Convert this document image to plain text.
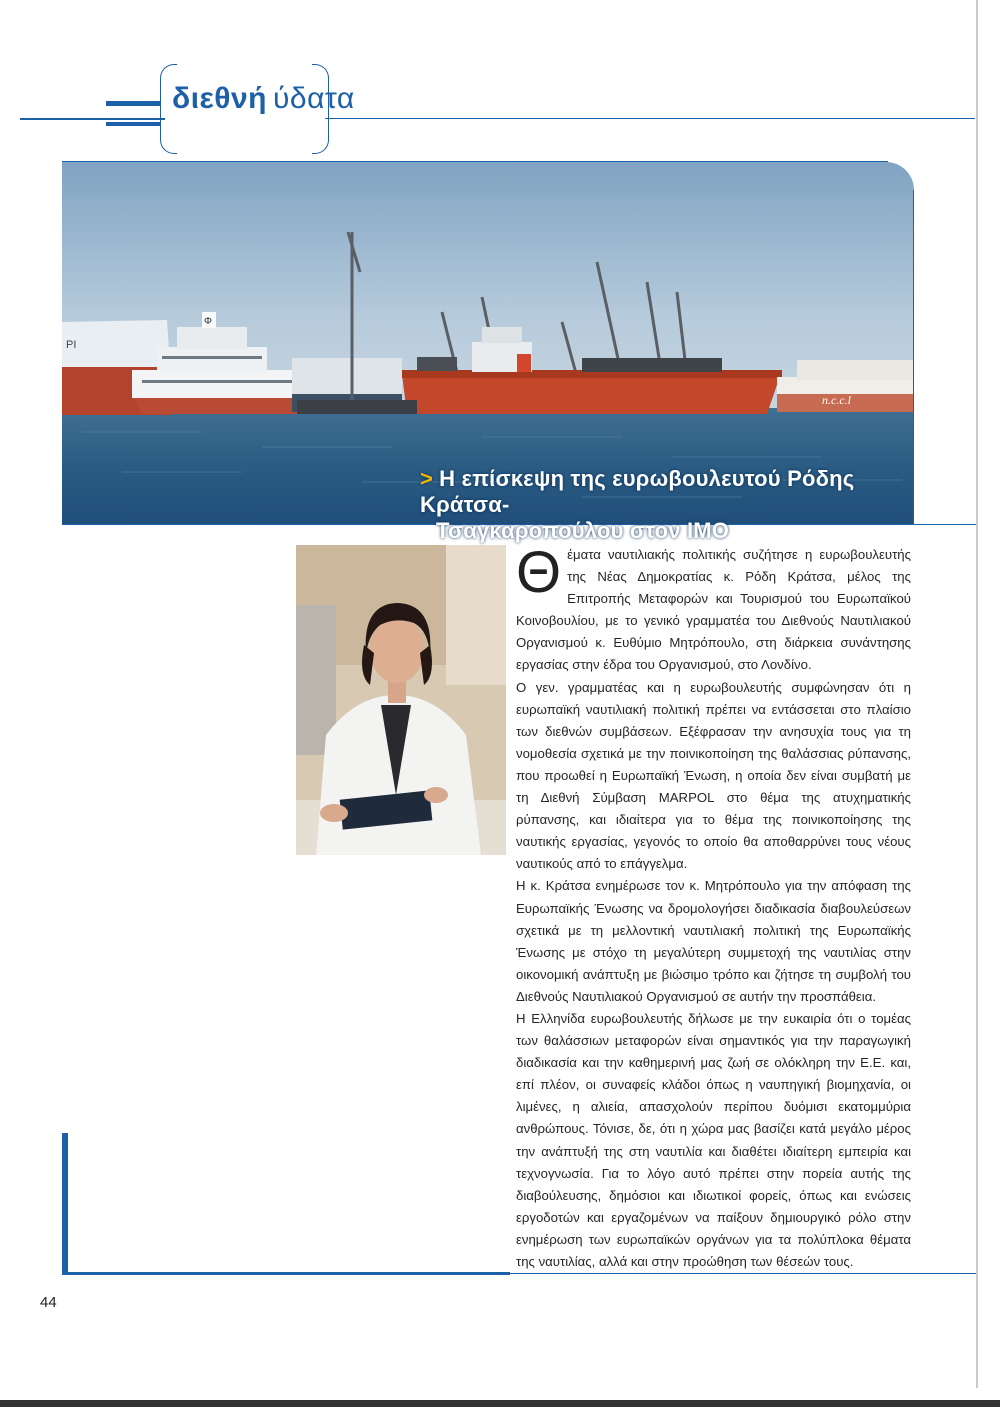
διεθνή ύδατα
ΡΙ
Φ
n.c.c.l
> Η επίσκεψη της ευρωβουλευτού Ρόδης Κράτσα-
Τσαγκαροπούλου στον ΙΜΟ

Θέματα ναυτιλιακής πολιτικής συζήτησε η ευρωβουλευτής της Νέας Δημοκρατίας κ. Ρόδη Κράτσα, μέλος της Επιτροπής Μεταφορών και Τουρισμού του Ευρωπαϊκού Κοινοβουλίου, με το γενικό γραμματέα του Διεθνούς Ναυτιλιακού Οργανισμού κ. Ευθύμιο Μητρόπουλο, στη διάρκεια συνάντησης εργασίας στην έδρα του Οργανισμού, στο Λονδίνο.

Ο γεν. γραμματέας και η ευρωβουλευτής συμφώνησαν ότι η ευρωπαϊκή ναυτιλιακή πολιτική πρέπει να εντάσσεται στο πλαίσιο των διεθνών συμβάσεων. Εξέφρασαν την ανησυχία τους για τη νομοθεσία σχετικά με την ποινικοποίηση της θαλάσσιας ρύπανσης, που προωθεί η Ευρωπαϊκή Ένωση, η οποία δεν είναι συμβατή με τη Διεθνή Σύμβαση MARPOL στο θέμα της ατυχηματικής ρύπανσης, και ιδιαίτερα για το θέμα της ποινικοποίησης της ναυτικής εργασίας, γεγονός το οποίο θα αποθαρρύνει τους νέους ναυτικούς από το επάγγελμα.

Η κ. Κράτσα ενημέρωσε τον κ. Μητρόπουλο για την απόφαση της Ευρωπαϊκής Ένωσης να δρομολογήσει διαδικασία διαβουλεύσεων σχετικά με τη μελλοντική ναυτιλιακή πολιτική της Ευρωπαϊκής Ένωσης με στόχο τη μεγαλύτερη συμμετοχή της ναυτιλίας στην οικονομική ανάπτυξη με βιώσιμο τρόπο και ζήτησε τη συμβολή του Διεθνούς Ναυτιλιακού Οργανισμού σε αυτήν την προσπάθεια.

Η Ελληνίδα ευρωβουλευτής δήλωσε με την ευκαιρία ότι ο τομέας των θαλάσσιων μεταφορών είναι σημαντικός για την παραγωγική διαδικασία και την καθημερινή μας ζωή σε ολόκληρη την Ε.Ε. και, επί πλέον, οι συναφείς κλάδοι όπως η ναυπηγική βιομηχανία, οι λιμένες, η αλιεία, απασχολούν περίπου δυόμισι εκατομμύρια ανθρώπους. Τόνισε, δε, ότι η χώρα μας βασίζει κατά μεγάλο μέρος την ανάπτυξή της στη ναυτιλία και διαθέτει ιδιαίτερη εμπειρία και τεχνογνωσία. Για το λόγο αυτό πρέπει στην πορεία αυτής της διαβούλευσης, δημόσιοι και ιδιωτικοί φορείς, όπως και ενώσεις εργοδοτών και εργαζομένων να παίξουν δημιουργικό ρόλο στην ενημέρωση των ευρωπαϊκών οργάνων για τα πολύπλοκα θέματα της ναυτιλίας, αλλά και στην προώθηση των θέσεών τους.

44
